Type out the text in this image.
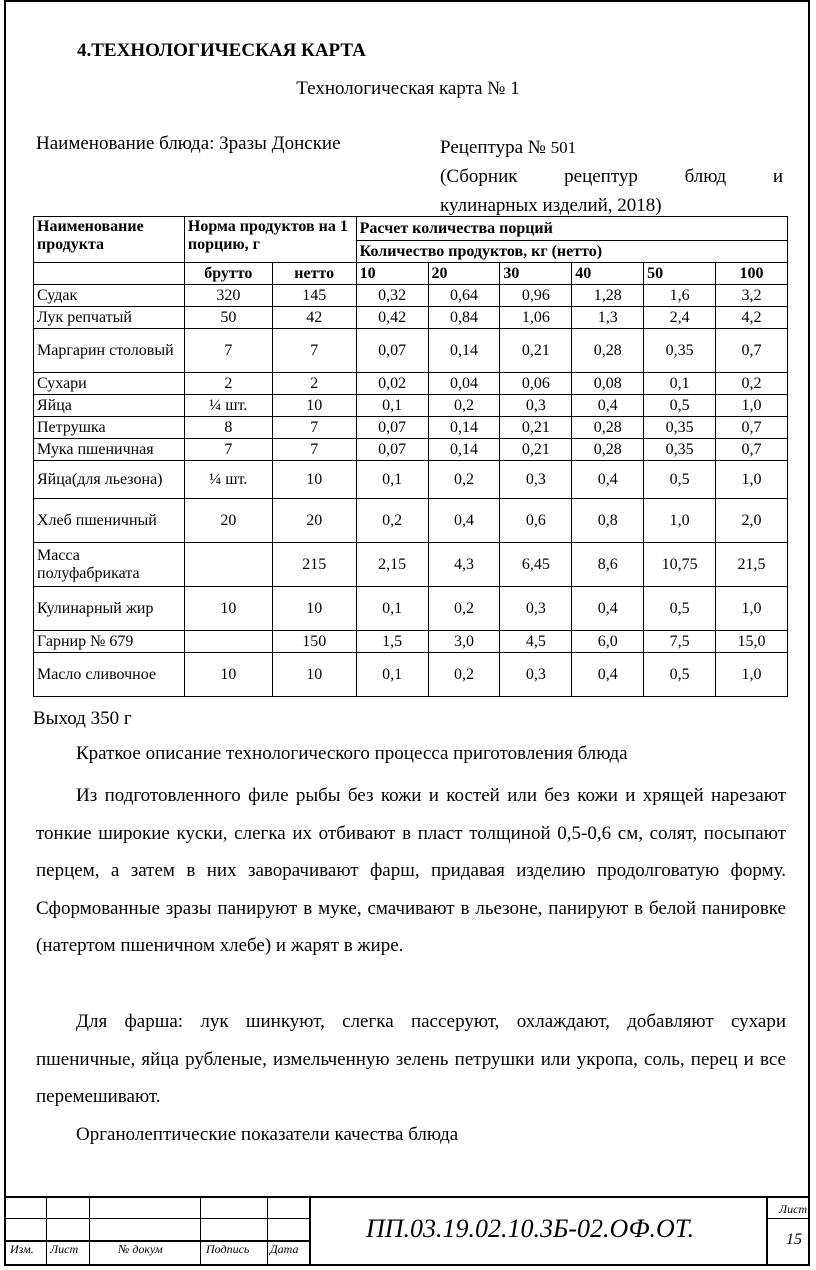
4.ТЕХНОЛОГИЧЕСКАЯ КАРТА
Технологическая карта № 1
Наименование блюда: Зразы Донские	Рецептура № 501
(Сборник рецептур блюд и
кулинарных изделий, 2018)
Наименование продукта	Норма продуктов на 1 порцию, г		Расчет количества порций					
			Количество продуктов, кг (нетто)					
	брутто	нетто	10	20	30	40	50	100
Судак	320	145	0,32	0,64	0,96	1,28	1,6	3,2
Лук репчатый	50	42	0,42	0,84	1,06	1,3	2,4	4,2
Маргарин столовый	7	7	0,07	0,14	0,21	0,28	0,35	0,7
Сухари	2	2	0,02	0,04	0,06	0,08	0,1	0,2
Яйца	¼ шт.	10	0,1	0,2	0,3	0,4	0,5	1,0
Петрушка	8	7	0,07	0,14	0,21	0,28	0,35	0,7
Мука пшеничная	7	7	0,07	0,14	0,21	0,28	0,35	0,7
Яйца(для льезона)	¼ шт.	10	0,1	0,2	0,3	0,4	0,5	1,0
Хлеб пшеничный	20	20	0,2	0,4	0,6	0,8	1,0	2,0
Масса полуфабриката		215	2,15	4,3	6,45	8,6	10,75	21,5
Кулинарный жир	10	10	0,1	0,2	0,3	0,4	0,5	1,0
Гарнир № 679		150	1,5	3,0	4,5	6,0	7,5	15,0
Масло сливочное	10	10	0,1	0,2	0,3	0,4	0,5	1,0
Выход 350 г
Краткое описание технологического процесса приготовления блюда
Из подготовленного филе рыбы без кожи и костей или без кожи и хрящей нарезают тонкие широкие куски, слегка их отбивают в пласт толщиной 0,5-0,6 см, солят, посыпают перцем, а затем в них заворачивают фарш, придавая изделию продолговатую форму. Сформованные зразы панируют в муке, смачивают в льезоне, панируют в белой панировке (натертом пшеничном хлебе) и жарят в жире.
Для фарша: лук шинкуют, слегка пассеруют, охлаждают, добавляют сухари пшеничные, яйца рубленые, измельченную зелень петрушки или укропа, соль, перец и все перемешивают.
Органолептические показатели качества блюда
Изм. Лист	№ докум	Подпись Дата
ПП.03.19.02.10.3Б-02.ОФ.ОТ.
Лист
15
